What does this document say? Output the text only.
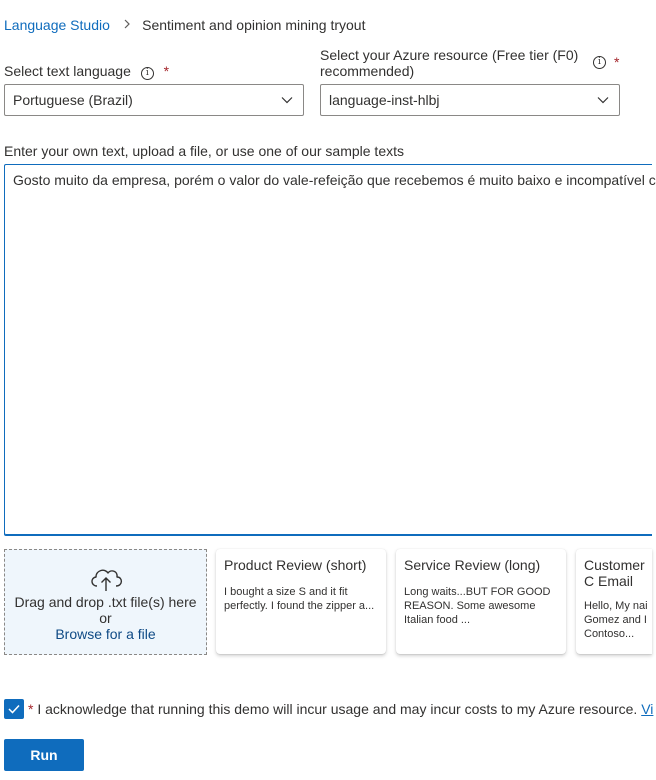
Language Studio Sentiment and opinion mining tryout
Select text language i *
Portuguese (Brazil)
Select your Azure resource (Free tier (F0)
recommended)
i *
language-inst-hlbj
Enter your own text, upload a file, or use one of our sample texts
Gosto muito da empresa, porém o valor do vale-refeição que recebemos é muito baixo e incompatível c
Drag and drop .txt file(s) here
or
Browse for a file
Product Review (short)
I bought a size S and it fit perfectly. I found the zipper a...
Service Review (long)
Long waits...BUT FOR GOOD REASON. Some awesome Italian food ...
Customer C Email
Hello, My nai Gomez and I Contoso...
* I acknowledge that running this demo will incur usage and may incur costs to my Azure resource. Vi
Run
